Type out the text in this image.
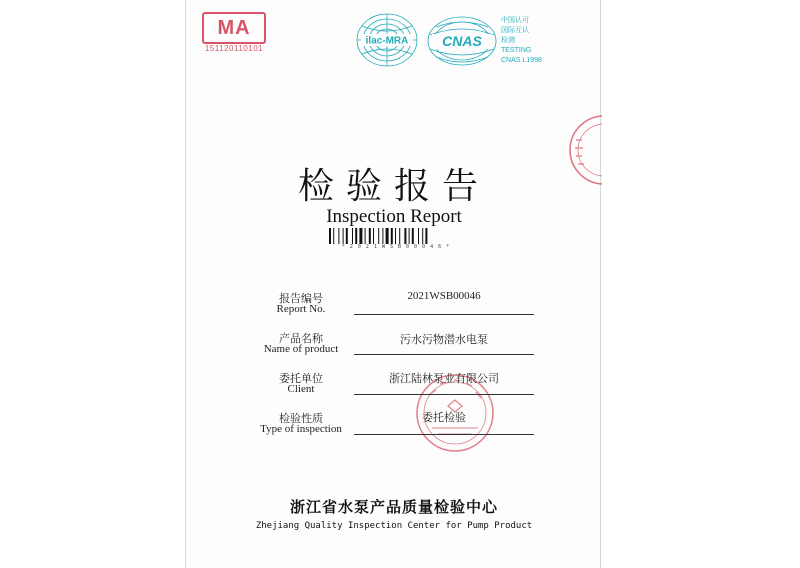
MA
151120110101
ilac-MRA CNAS
中国认可
国际互认
检测
TESTING
CNAS L1998
检验报告
Inspection Report
* 2 0 2 1 W S B 0 0 0 4 6 *
报告编号
Report No.
2021WSB00046
产品名称
Name of product
污水污物潜水电泵
委托单位
Client
浙江陆林泵业有限公司
检验性质
Type of inspection
委托检验
浙江省水泵产品质量检验中心
Zhejiang Quality Inspection Center for Pump Product
